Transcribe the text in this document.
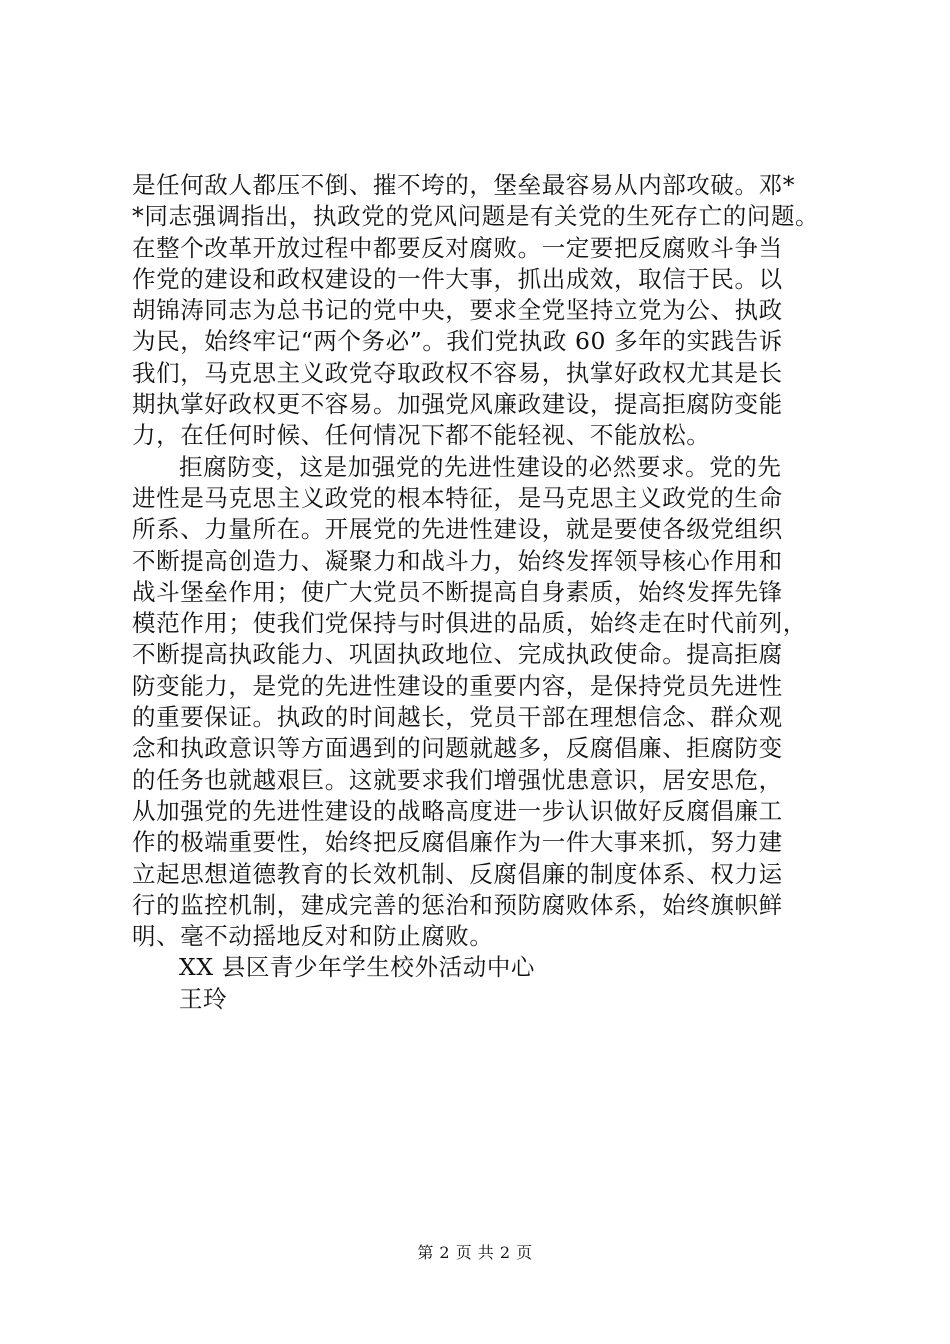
是任何敌人都压不倒、摧不垮的，堡垒最容易从内部攻破。邓*
*同志强调指出，执政党的党风问题是有关党的生死存亡的问题。
在整个改革开放过程中都要反对腐败。一定要把反腐败斗争当
作党的建设和政权建设的一件大事，抓出成效，取信于民。以
胡锦涛同志为总书记的党中央，要求全党坚持立党为公、执政
为民，始终牢记“两个务必”。我们党执政 60 多年的实践告诉
我们，马克思主义政党夺取政权不容易，执掌好政权尤其是长
期执掌好政权更不容易。加强党风廉政建设，提高拒腐防变能
力，在任何时候、任何情况下都不能轻视、不能放松。
拒腐防变，这是加强党的先进性建设的必然要求。党的先
进性是马克思主义政党的根本特征，是马克思主义政党的生命
所系、力量所在。开展党的先进性建设，就是要使各级党组织
不断提高创造力、凝聚力和战斗力，始终发挥领导核心作用和
战斗堡垒作用；使广大党员不断提高自身素质，始终发挥先锋
模范作用；使我们党保持与时俱进的品质，始终走在时代前列，
不断提高执政能力、巩固执政地位、完成执政使命。提高拒腐
防变能力，是党的先进性建设的重要内容，是保持党员先进性
的重要保证。执政的时间越长，党员干部在理想信念、群众观
念和执政意识等方面遇到的问题就越多，反腐倡廉、拒腐防变
的任务也就越艰巨。这就要求我们增强忧患意识，居安思危，
从加强党的先进性建设的战略高度进一步认识做好反腐倡廉工
作的极端重要性，始终把反腐倡廉作为一件大事来抓，努力建
立起思想道德教育的长效机制、反腐倡廉的制度体系、权力运
行的监控机制，建成完善的惩治和预防腐败体系，始终旗帜鲜
明、毫不动摇地反对和防止腐败。
XX 县区青少年学生校外活动中心
王玲
第 2 页 共 2 页
